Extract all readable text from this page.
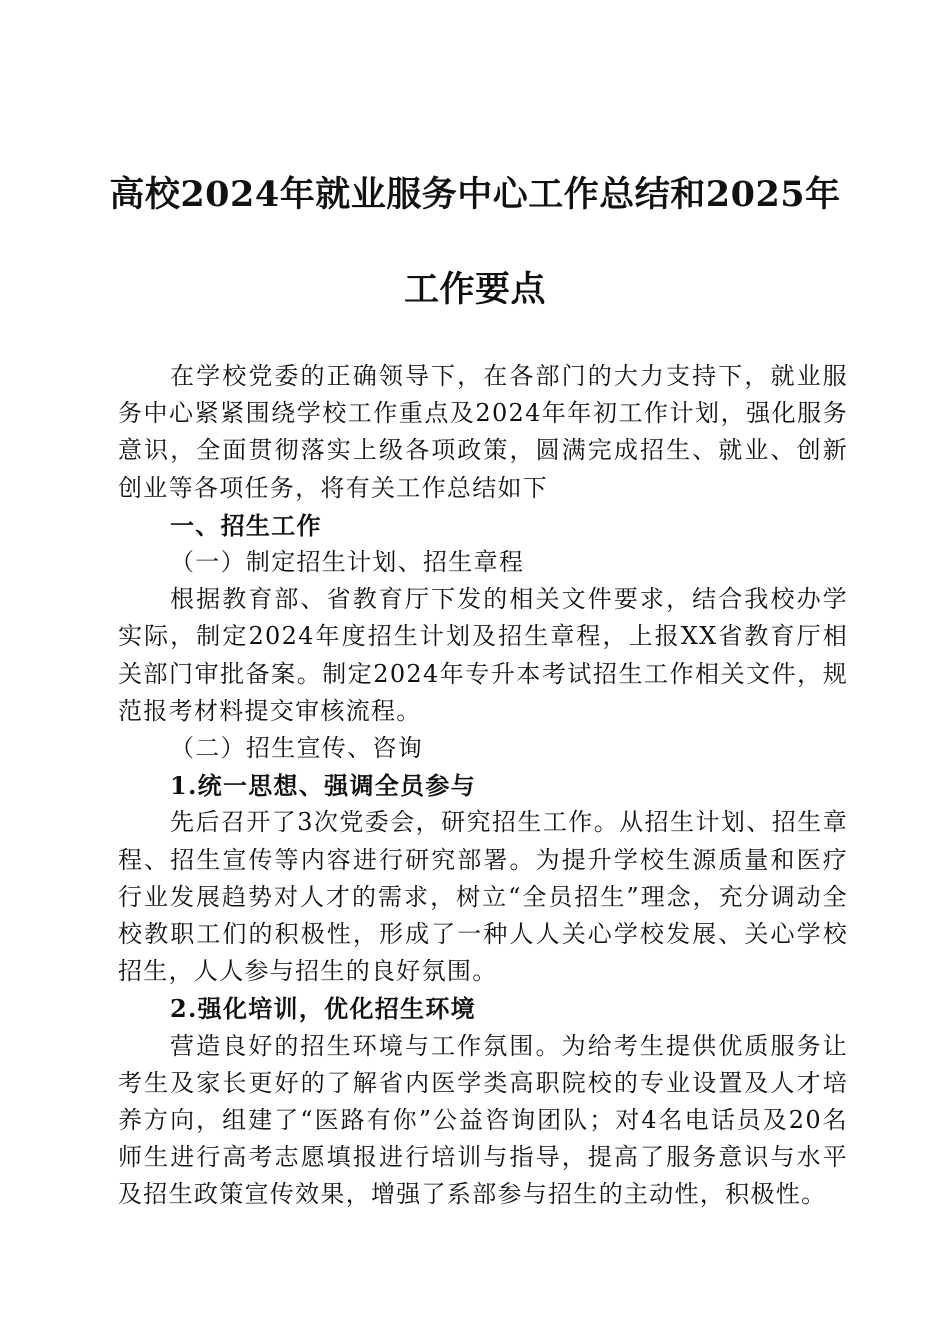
高校2024年就业服务中心工作总结和2025年
工作要点

在学校党委的正确领导下，在各部门的大力支持下，就业服务中心紧紧围绕学校工作重点及2024年年初工作计划，强化服务意识，全面贯彻落实上级各项政策，圆满完成招生、就业、创新创业等各项任务，将有关工作总结如下

一、招生工作

（一）制定招生计划、招生章程

根据教育部、省教育厅下发的相关文件要求，结合我校办学实际，制定2024年度招生计划及招生章程，上报XX省教育厅相关部门审批备案。制定2024年专升本考试招生工作相关文件，规范报考材料提交审核流程。

（二）招生宣传、咨询

1.统一思想、强调全员参与

先后召开了3次党委会，研究招生工作。从招生计划、招生章程、招生宣传等内容进行研究部署。为提升学校生源质量和医疗行业发展趋势对人才的需求，树立“全员招生”理念，充分调动全校教职工们的积极性，形成了一种人人关心学校发展、关心学校招生，人人参与招生的良好氛围。

2.强化培训，优化招生环境

营造良好的招生环境与工作氛围。为给考生提供优质服务让考生及家长更好的了解省内医学类高职院校的专业设置及人才培养方向，组建了“医路有你”公益咨询团队；对4名电话员及20名师生进行高考志愿填报进行培训与指导，提高了服务意识与水平及招生政策宣传效果，增强了系部参与招生的主动性，积极性。
